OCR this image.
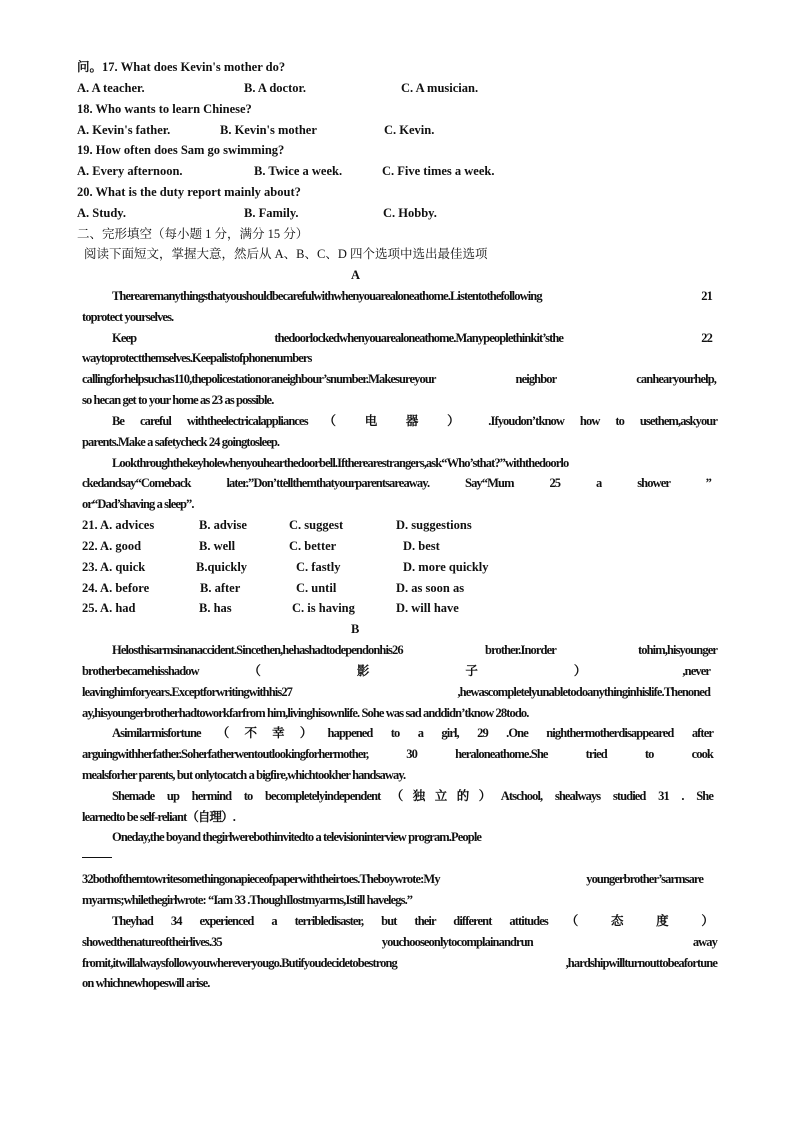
问。17. What does Kevin's mother do?
A. A teacher.	B. A doctor.	C. A musician.
18. Who wants to learn Chinese?
A. Kevin's father.	B. Kevin's mother	C. Kevin.
19. How often does Sam go swimming?
A. Every afternoon.	B. Twice a week.	C. Five times a week.
20. What is the duty report mainly about?
A. Study.	B. Family.	C. Hobby.
二、完形填空（每小题 1 分，满分 15 分）
阅读下面短文，掌握大意，然后从 A、B、C、D 四个选项中选出最佳选项
A
Therearemanythingsthatyoushouldbecarefulwithwhenyouarealoneathome.Listentothefollowing 21
toprotect yourselves.
Keep thedoorlockedwhenyouarealoneathome.Manypeoplethinkit’sthe 22
waytoprotectthemselves.Keepalistofphonenumbers
callingforhelpsuchas110,thepolicestationoraneighbour’snumber.Makesureyour neighbor canhearyourhelp,
so hecan get to your home as 23 as possible.
Be careful withtheelectricalappliances （ 电 器 ） .Ifyoudon’tknow how to usethem,askyour
parents.Make a safetycheck 24 goingtosleep.
Lookthroughthekeyholewhenyouhearthedoorbell.Iftherearestrangers,ask“Who’sthat?”withthedoorlo
ckedandsay“Comeback later.”Don’ttellthemthatyourparentsareaway. Say“Mum 25 a shower ”
or“Dad’shaving a sleep”.
21. A. advices	B. advise	C. suggest	D. suggestions
22. A. good	B. well	C. better	D. best
23. A. quick	B.quickly	C. fastly	D. more quickly
24. A. before	B. after	C. until	D. as soon as
25. A. had	B. has	C. is having	D. will have
B
Helosthisarmsinanaccident.Sincethen,hehashadtodependonhis26 brother.Inorder tohim,hisyounger
brotherbecamehisshadow （ 影 子 ） ,never
leavinghimforyears.Exceptforwritingwithhis27 ,hewascompletelyunabletodoanythinginhislife.Thenoned
ay,hisyoungerbrotherhadtoworkfarfrom him,livinghisownlife. Sohe was sad anddidn’tknow 28todo.
Asimilarmisfortune（不幸）happened to a girl, 29 .One nighthermotherdisappeared after
arguingwithherfather.Soherfatherwentoutlookingforhermother, 30 heraloneathome.She tried to cook
mealsforher parents, but onlytocatch a bigfire,whichtookher handsaway.
Shemade up hermind to becompletelyindependent（独立的）Atschool, shealways studied 31 . She
learnedto be self-reliant（自理）.
Oneday,the boyand thegirlwerebothinvitedto a televisioninterview program.People
32bothofthemtowritesomethingonapieceofpaperwiththeirtoes.Theboywrote:My youngerbrother’sarmsare
myarms;whilethegirlwrote: “Iam 33 .ThoughIlostmyarms,Istill havelegs.”
Theyhad 34 experienced a terribledisaster, but their different attitudes （ 态 度 ）
showedthenatureoftheirlives.35 youchooseonlytocomplainandrun away
fromit,itwillalwaysfollowyouwhereveryougo.Butifyoudecidetobestrong ,hardshipwillturnouttobeafortune
on whichnewhopeswill arise.
